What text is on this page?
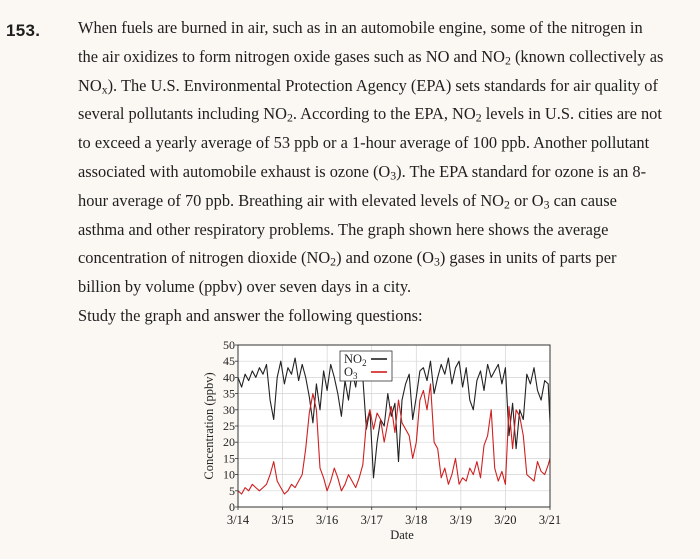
153. When fuels are burned in air, such as in an automobile engine, some of the nitrogen in

the air oxidizes to form nitrogen oxide gases such as NO and $NO_2$ (known collectively as

$NO_x$). The U.S. Environmental Protection Agency (EPA) sets standards for air quality of

several pollutants including $NO_2$. According to the EPA, $NO_2$ levels in U.S. cities are not

to exceed a yearly average of 53 ppb or a 1-hour average of 100 ppb. Another pollutant

associated with automobile exhaust is ozone $(O_3)$. The EPA standard for ozone is an 8-

hour average of 70 ppb. Breathing air with elevated levels of $NO_2$ or $O_3$ can cause

asthma and other respiratory problems. The graph shown here shows the average

concentration of nitrogen dioxide $(NO_2)$ and ozone $(O_3)$ gases in units of parts per

billion by volume (ppbv) over seven days in a city.

Study the graph and answer the following questions:

0
5
10
15
20
25
30
35
40
45
50
3/14 3/15 3/16 3/17 3/18 3/19 3/20 3/21
Date
Concentration (ppbv)
$NO_2$
$O_3$
